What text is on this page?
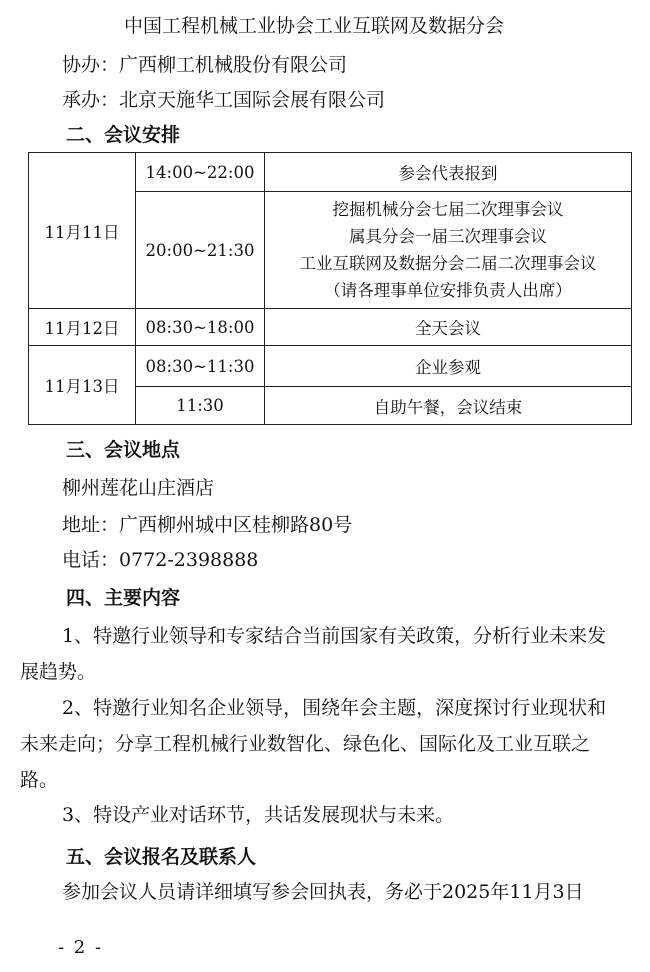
中国工程机械工业协会工业互联网及数据分会
协办：广西柳工机械股份有限公司
承办：北京天施华工国际会展有限公司
二、会议安排
11月11日	14:00~22:00	参会代表报到
	20:00~21:30	挖掘机械分会七届二次理事会议
属具分会一届三次理事会议
工业互联网及数据分会二届二次理事会议
（请各理事单位安排负责人出席）

11月12日	08:30~18:00	全天会议
11月13日	08:30~11:30	企业参观
	11:30	自助午餐，会议结束
三、会议地点
柳州莲花山庄酒店
地址：广西柳州城中区桂柳路80号
电话：0772-2398888
四、主要内容
1、特邀行业领导和专家结合当前国家有关政策，分析行业未来发展趋势。
2、特邀行业知名企业领导，围绕年会主题，深度探讨行业现状和未来走向；分享工程机械行业数智化、绿色化、国际化及工业互联之路。
3、特设产业对话环节，共话发展现状与未来。
五、会议报名及联系人
参加会议人员请详细填写参会回执表，务必于2025年11月3日
- 2 -
